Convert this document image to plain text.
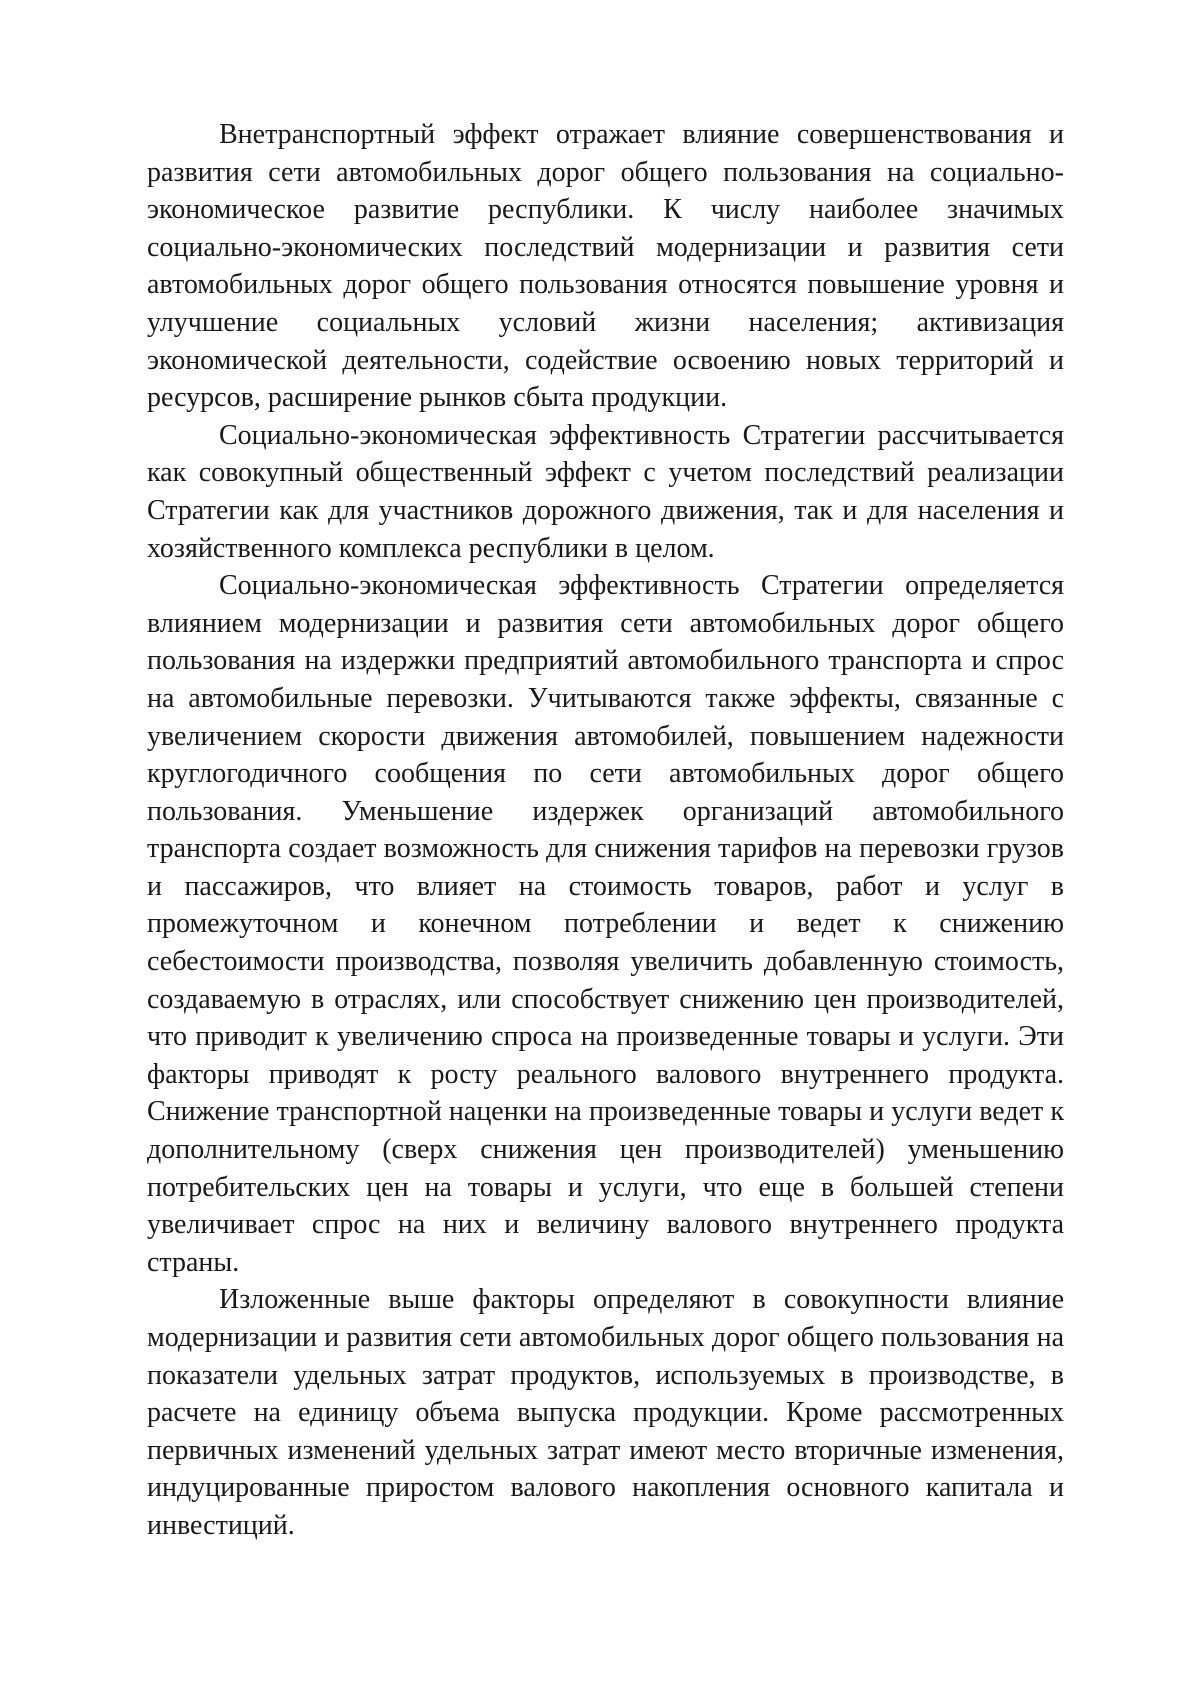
Внетранспортный эффект отражает влияние совершенствования и развития сети автомобильных дорог общего пользования на социально-экономическое развитие республики. К числу наиболее значимых социально-экономических последствий модернизации и развития сети автомобильных дорог общего пользования относятся повышение уровня и улучшение социальных условий жизни населения; активизация экономической деятельности, содействие освоению новых территорий и ресурсов, расширение рынков сбыта продукции.

Социально-экономическая эффективность Стратегии рассчитывается как совокупный общественный эффект с учетом последствий реализации Стратегии как для участников дорожного движения, так и для населения и хозяйственного комплекса республики в целом.

Социально-экономическая эффективность Стратегии определяется влиянием модернизации и развития сети автомобильных дорог общего пользования на издержки предприятий автомобильного транспорта и спрос на автомобильные перевозки. Учитываются также эффекты, связанные с увеличением скорости движения автомобилей, повышением надежности круглогодичного сообщения по сети автомобильных дорог общего пользования. Уменьшение издержек организаций автомобильного транспорта создает возможность для снижения тарифов на перевозки грузов и пассажиров, что влияет на стоимость товаров, работ и услуг в промежуточном и конечном потреблении и ведет к снижению себестоимости производства, позволяя увеличить добавленную стоимость, создаваемую в отраслях, или способствует снижению цен производителей, что приводит к увеличению спроса на произведенные товары и услуги. Эти факторы приводят к росту реального валового внутреннего продукта. Снижение транспортной наценки на произведенные товары и услуги ведет к дополнительному (сверх снижения цен производителей) уменьшению потребительских цен на товары и услуги, что еще в большей степени увеличивает спрос на них и величину валового внутреннего продукта страны.

Изложенные выше факторы определяют в совокупности влияние модернизации и развития сети автомобильных дорог общего пользования на показатели удельных затрат продуктов, используемых в производстве, в расчете на единицу объема выпуска продукции. Кроме рассмотренных первичных изменений удельных затрат имеют место вторичные изменения, индуцированные приростом валового накопления основного капитала и инвестиций.
